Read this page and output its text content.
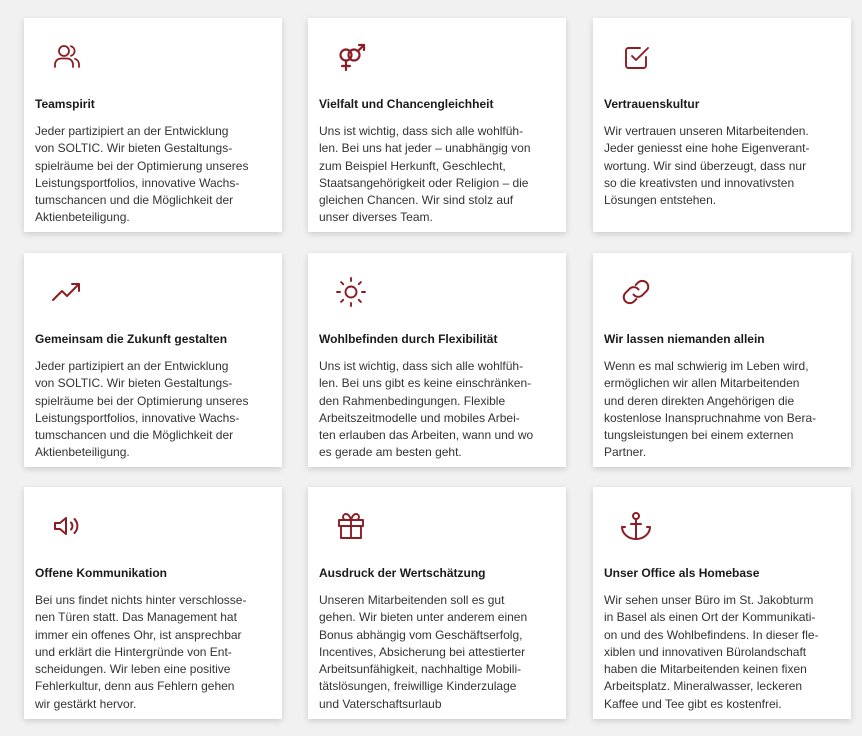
Teamspirit
Jeder partizipiert an der Entwicklung
von SOLTIC. Wir bieten Gestaltungs-
spielräume bei der Optimierung unseres
Leistungsportfolios, innovative Wachs-
tumschancen und die Möglichkeit der
Aktienbeteiligung.
Vielfalt und Chancengleichheit
Uns ist wichtig, dass sich alle wohlfüh-
len. Bei uns hat jeder – unabhängig von
zum Beispiel Herkunft, Geschlecht,
Staatsangehörigkeit oder Religion – die
gleichen Chancen. Wir sind stolz auf
unser diverses Team.
Vertrauenskultur
Wir vertrauen unseren Mitarbeitenden.
Jeder geniesst eine hohe Eigenverant-
wortung. Wir sind überzeugt, dass nur
so die kreativsten und innovativsten
Lösungen entstehen.
Gemeinsam die Zukunft gestalten
Jeder partizipiert an der Entwicklung
von SOLTIC. Wir bieten Gestaltungs-
spielräume bei der Optimierung unseres
Leistungsportfolios, innovative Wachs-
tumschancen und die Möglichkeit der
Aktienbeteiligung.
Wohlbefinden durch Flexibilität
Uns ist wichtig, dass sich alle wohlfüh-
len. Bei uns gibt es keine einschränken-
den Rahmenbedingungen. Flexible
Arbeitszeitmodelle und mobiles Arbei-
ten erlauben das Arbeiten, wann und wo
es gerade am besten geht.
Wir lassen niemanden allein
Wenn es mal schwierig im Leben wird,
ermöglichen wir allen Mitarbeitenden
und deren direkten Angehörigen die
kostenlose Inanspruchnahme von Bera-
tungsleistungen bei einem externen
Partner.
Offene Kommunikation
Bei uns findet nichts hinter verschlosse-
nen Türen statt. Das Management hat
immer ein offenes Ohr, ist ansprechbar
und erklärt die Hintergründe von Ent-
scheidungen. Wir leben eine positive
Fehlerkultur, denn aus Fehlern gehen
wir gestärkt hervor.
Ausdruck der Wertschätzung
Unseren Mitarbeitenden soll es gut
gehen. Wir bieten unter anderem einen
Bonus abhängig vom Geschäftserfolg,
Incentives, Absicherung bei attestierter
Arbeitsunfähigkeit, nachhaltige Mobili-
tätslösungen, freiwillige Kinderzulage
und Vaterschaftsurlaub
Unser Office als Homebase
Wir sehen unser Büro im St. Jakobturm
in Basel als einen Ort der Kommunikati-
on und des Wohlbefindens. In dieser fle-
xiblen und innovativen Bürolandschaft
haben die Mitarbeitenden keinen fixen
Arbeitsplatz. Mineralwasser, leckeren
Kaffee und Tee gibt es kostenfrei.
